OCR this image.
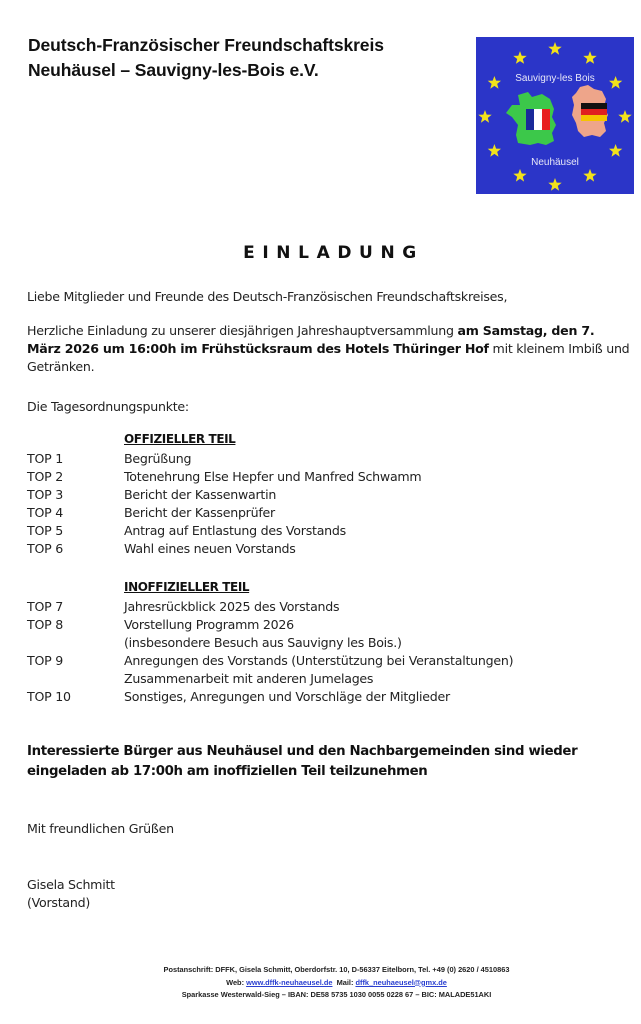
Deutsch-Französischer Freundschaftskreis
Neuhäusel – Sauvigny-les-Bois e.V.	Sauvigny-les Bois
Neuhäusel
EINLADUNG
Liebe Mitglieder und Freunde des Deutsch-Französischen Freundschaftskreises,
Herzliche Einladung zu unserer diesjährigen Jahreshauptversammlung am Samstag, den 7. März 2026 um 16:00h im Frühstücksraum des Hotels Thüringer Hof mit kleinem Imbiß und Getränken.
Die Tagesordnungspunkte:
OFFIZIELLER TEIL
TOP 1	Begrüßung
TOP 2	Totenehrung Else Hepfer und Manfred Schwamm
TOP 3	Bericht der Kassenwartin
TOP 4	Bericht der Kassenprüfer
TOP 5	Antrag auf Entlastung des Vorstands
TOP 6	Wahl eines neuen Vorstands
INOFFIZIELLER TEIL
TOP 7	Jahresrückblick 2025 des Vorstands
TOP 8	Vorstellung Programm 2026
(insbesondere Besuch aus Sauvigny les Bois.)
TOP 9	Anregungen des Vorstands (Unterstützung bei Veranstaltungen)
Zusammenarbeit mit anderen Jumelages
TOP 10	Sonstiges, Anregungen und Vorschläge der Mitglieder
Interessierte Bürger aus Neuhäusel und den Nachbargemeinden sind wieder eingeladen ab 17:00h am inoffiziellen Teil teilzunehmen
Mit freundlichen Grüßen
Gisela Schmitt
(Vorstand)
Postanschrift: DFFK, Gisela Schmitt, Oberdorfstr. 10, D-56337 Eitelborn, Tel. +49 (0) 2620 / 4510863
Web: www.dffk-neuhaeusel.de  Mail: dffk_neuhaeusel@gmx.de
Sparkasse Westerwald-Sieg – IBAN: DE58 5735 1030 0055 0228 67 – BIC: MALADE51AKI
